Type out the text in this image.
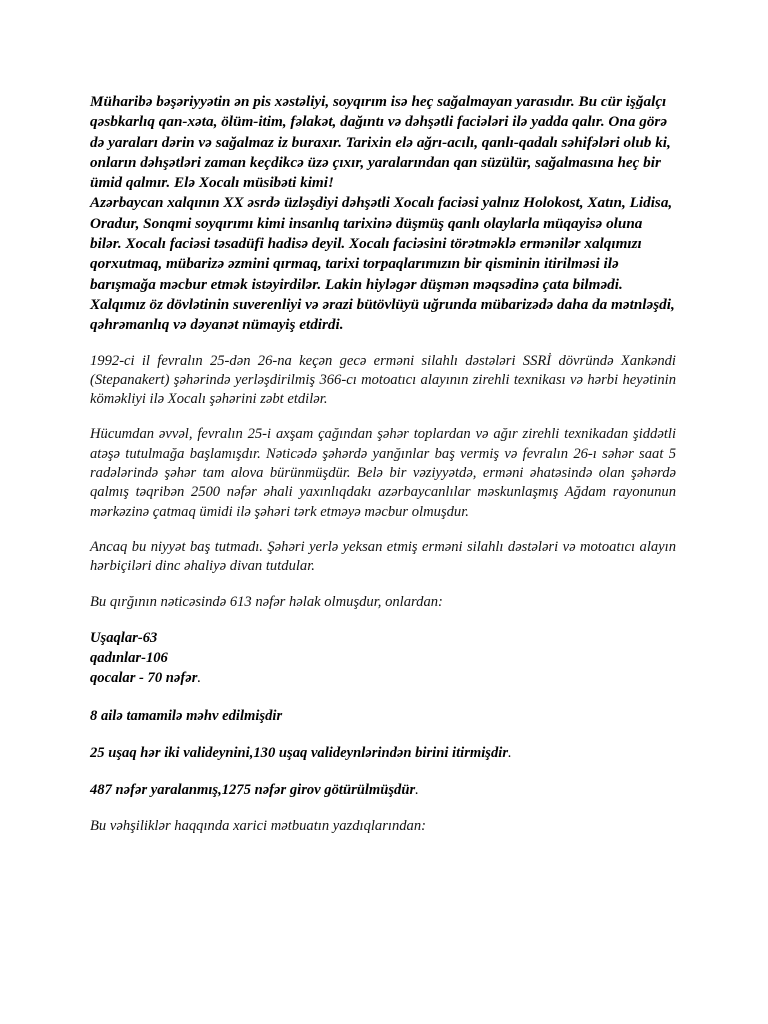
Müharibə bəşəriyyətin ən pis xəstəliyi, soyqırım isə heç sağalmayan yarasıdır. Bu cür işğalçı qəsbkarlıq qan-xəta, ölüm-itim, fəlakət, dağıntı və dəhşətli faciələri ilə yadda qalır. Ona görə də yaraları dərin və sağalmaz iz buraxır. Tarixin elə ağrı-acılı, qanlı-qadalı səhifələri olub ki, onların dəhşətləri zaman keçdikcə üzə çıxır, yaralarından qan süzülür, sağalmasına heç bir ümid qalmır. Elə Xocalı müsibəti kimi!

Azərbaycan xalqının XX əsrdə üzləşdiyi dəhşətli Xocalı faciəsi yalnız Holokost, Xatın, Lidisa, Oradur, Sonqmi soyqırımı kimi insanlıq tarixinə düşmüş qanlı olaylarla müqayisə oluna bilər. Xocalı faciəsi təsadüfi hadisə deyil. Xocalı faciəsini törətməklə ermənilər xalqımızı qorxutmaq, mübarizə əzmini qırmaq, tarixi torpaqlarımızın bir qisminin itirilməsi ilə barışmağa məcbur etmək istəyirdilər. Lakin hiyləgər düşmən məqsədinə çata bilmədi. Xalqımız öz dövlətinin suverenliyi və ərazi bütövlüyü uğrunda mübarizədə daha da mətnləşdi, qəhrəmanlıq və dəyanət nümayiş etdirdi.

1992-ci il fevralın 25-dən 26-na keçən gecə erməni silahlı dəstələri SSRİ dövründə Xankəndi (Stepanakert) şəhərində yerləşdirilmiş 366-cı motoatıcı alayının zirehli texnikası və hərbi heyətinin köməkliyi ilə Xocalı şəhərini zəbt etdilər.

Hücumdan əvvəl, fevralın 25-i axşam çağından şəhər toplardan və ağır zirehli texnikadan şiddətli atəşə tutulmağa başlamışdır. Nəticədə şəhərdə yanğınlar baş vermiş və fevralın 26-ı səhər saat 5 radələrində şəhər tam alova bürünmüşdür. Belə bir vəziyyətdə, erməni əhatəsində olan şəhərdə qalmış təqribən 2500 nəfər əhali yaxınlıqdakı azərbaycanlılar məskunlaşmış Ağdam rayonunun mərkəzinə çatmaq ümidi ilə şəhəri tərk etməyə məcbur olmuşdur.

Ancaq bu niyyət baş tutmadı. Şəhəri yerlə yeksan etmiş erməni silahlı dəstələri və motoatıcı alayın hərbiçiləri dinc əhaliyə divan tutdular.

Bu qırğının nəticəsində 613 nəfər həlak olmuşdur, onlardan:

Uşaqlar-63
qadınlar-106
qocalar - 70 nəfər.

8 ailə tamamilə məhv edilmişdir

25 uşaq hər iki valideynini,130 uşaq valideynlərindən birini itirmişdir.

487 nəfər yaralanmış,1275 nəfər girov götürülmüşdür.

Bu vəhşiliklər haqqında xarici mətbuatın yazdıqlarından:
